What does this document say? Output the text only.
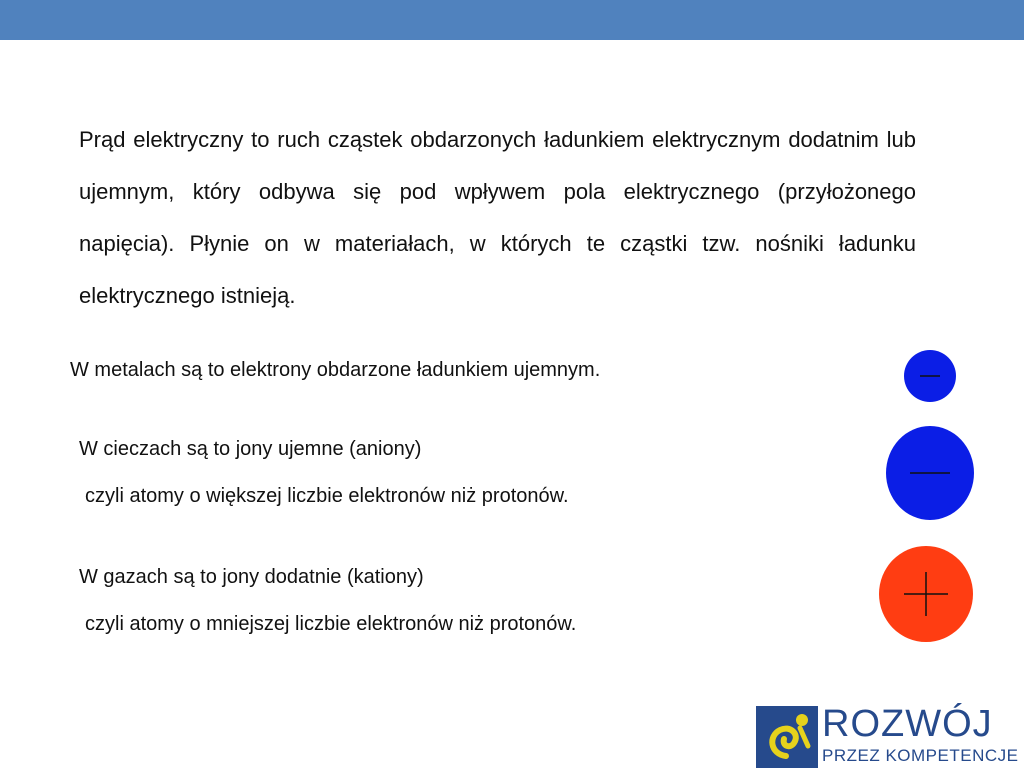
Prąd elektryczny to ruch cząstek obdarzonych ładunkiem elektrycznym dodatnim lub ujemnym, który odbywa się pod wpływem pola elektrycznego (przyłożonego napięcia). Płynie on w materiałach, w których te cząstki tzw. nośniki ładunku elektrycznego istnieją.

W metalach są to elektrony obdarzone ładunkiem ujemnym.
W cieczach są to jony ujemne (aniony)
czyli atomy o większej liczbie elektronów niż protonów.
W gazach są to jony dodatnie (kationy)
czyli atomy o mniejszej liczbie elektronów niż protonów.
ROZWÓJ
PRZEZ KOMPETENCJE
